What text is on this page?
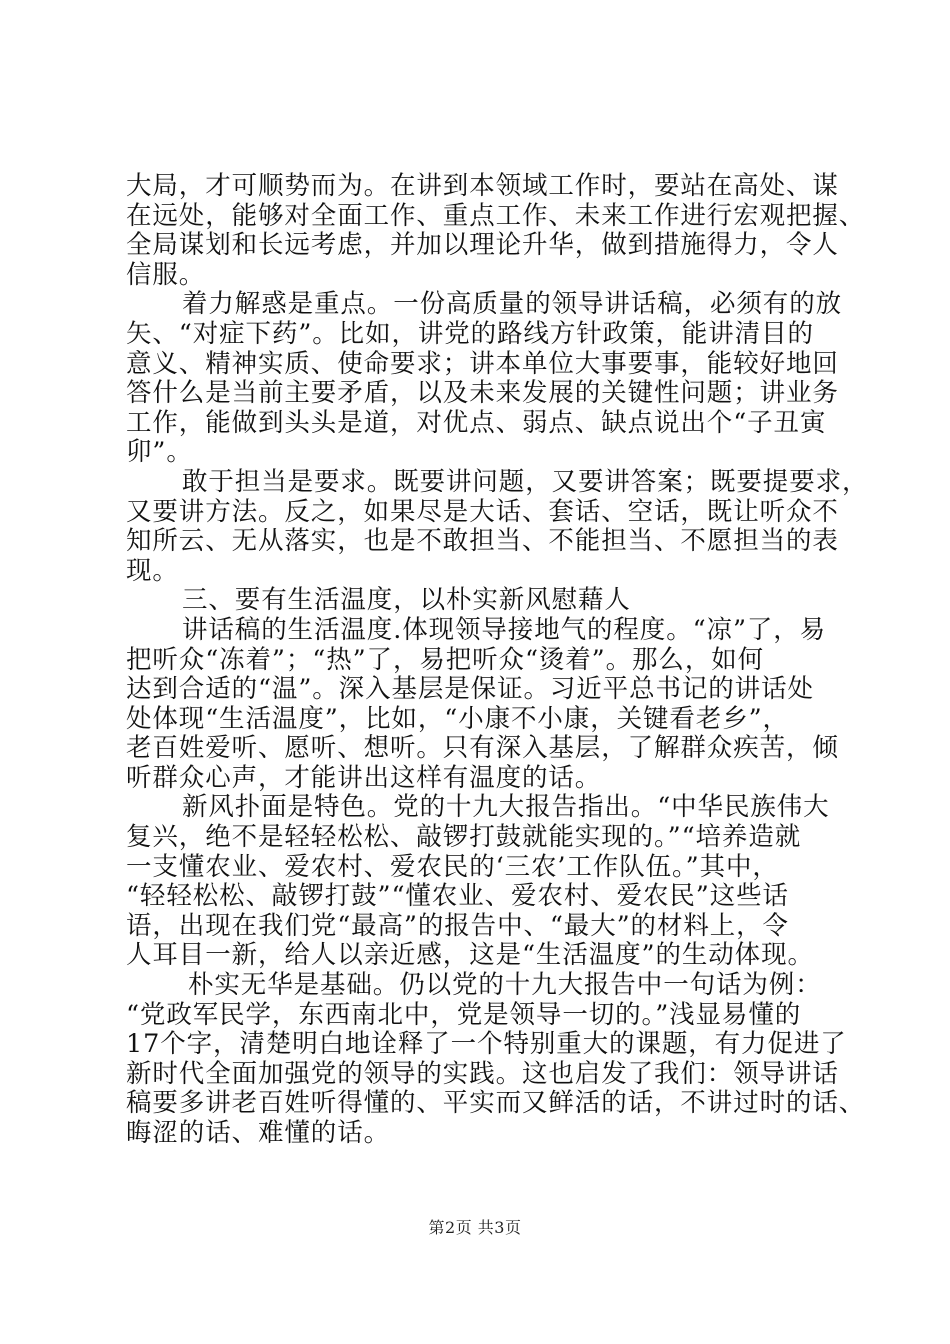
大局，才可顺势而为。在讲到本领域工作时，要站在高处、谋
在远处，能够对全面工作、重点工作、未来工作进行宏观把握、
全局谋划和长远考虑，并加以理论升华，做到措施得力，令人
信服。
着力解惑是重点。一份高质量的领导讲话稿，必须有的放
矢、“对症下药”。比如，讲党的路线方针政策，能讲清目的
意义、精神实质、使命要求；讲本单位大事要事，能较好地回
答什么是当前主要矛盾，以及未来发展的关键性问题；讲业务
工作，能做到头头是道，对优点、弱点、缺点说出个“子丑寅
卯”。
敢于担当是要求。既要讲问题，又要讲答案；既要提要求，
又要讲方法。反之，如果尽是大话、套话、空话，既让听众不
知所云、无从落实，也是不敢担当、不能担当、不愿担当的表
现。
三、要有生活温度，以朴实新风慰藉人
讲话稿的生活温度.体现领导接地气的程度。“凉”了，易
把听众“冻着”；“热”了，易把听众“烫着”。那么，如何
达到合适的“温”。深入基层是保证。习近平总书记的讲话处
处体现“生活温度”，比如，“小康不小康，关键看老乡”，
老百姓爱听、愿听、想听。只有深入基层，了解群众疾苦，倾
听群众心声，才能讲出这样有温度的话。
新风扑面是特色。党的十九大报告指出。“中华民族伟大
复兴，绝不是轻轻松松、敲锣打鼓就能实现的。”“培养造就
一支懂农业、爱农村、爱农民的‘三农’工作队伍。”其中，
“轻轻松松、敲锣打鼓”“懂农业、爱农村、爱农民”这些话
语，出现在我们党“最高”的报告中、“最大”的材料上，令
人耳目一新，给人以亲近感，这是“生活温度”的生动体现。
朴实无华是基础。仍以党的十九大报告中一句话为例：
“党政军民学，东西南北中，党是领导一切的。”浅显易懂的
17个字，清楚明白地诠释了一个特别重大的课题，有力促进了
新时代全面加强党的领导的实践。这也启发了我们：领导讲话
稿要多讲老百姓听得懂的、平实而又鲜活的话，不讲过时的话、
晦涩的话、难懂的话。
第2页 共3页
